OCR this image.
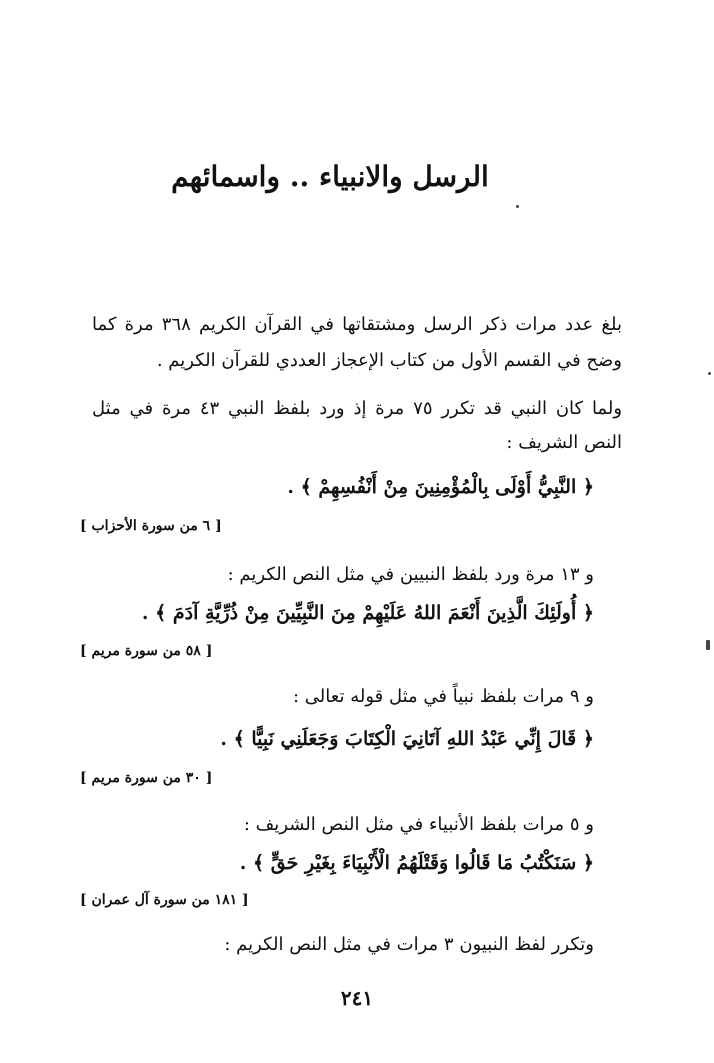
الرسل والانبياء .. واسمائهم
بلغ عدد مرات ذكر الرسل ومشتقاتها في القرآن الكريم ٣٦٨ مرة كما
وضح في القسم الأول من كتاب الإعجاز العددي للقرآن الكريم .
ولما كان النبي قد تكرر ٧٥ مرة إذ ورد بلفظ النبي ٤٣ مرة في مثل
النص الشريف :
﴿ النَّبِيُّ أَوْلَى بِالْمُؤْمِنِينَ مِنْ أَنْفُسِهِمْ ﴾ .
[ ٦ من سورة الأحزاب ]
و ١٣ مرة ورد بلفظ النبيين في مثل النص الكريم :
﴿ أُولَئِكَ الَّذِينَ أَنْعَمَ اللهُ عَلَيْهِمْ مِنَ النَّبِيِّينَ مِنْ ذُرِّيَّةِ آدَمَ ﴾ .
[ ٥٨ من سورة مريم ]
و ٩ مرات بلفظ نبياً في مثل قوله تعالى :
﴿ قَالَ إِنِّي عَبْدُ اللهِ آتَانِيَ الْكِتَابَ وَجَعَلَنِي نَبِيًّا ﴾ .
[ ٣٠ من سورة مريم ]
و ٥ مرات بلفظ الأنبياء في مثل النص الشريف :
﴿ سَنَكْتُبُ مَا قَالُوا وَقَتْلَهُمُ الْأَنْبِيَاءَ بِغَيْرِ حَقٍّ ﴾ .
[ ١٨١ من سورة آل عمران ]
وتكرر لفظ النبيون ٣ مرات في مثل النص الكريم :
٢٤١
